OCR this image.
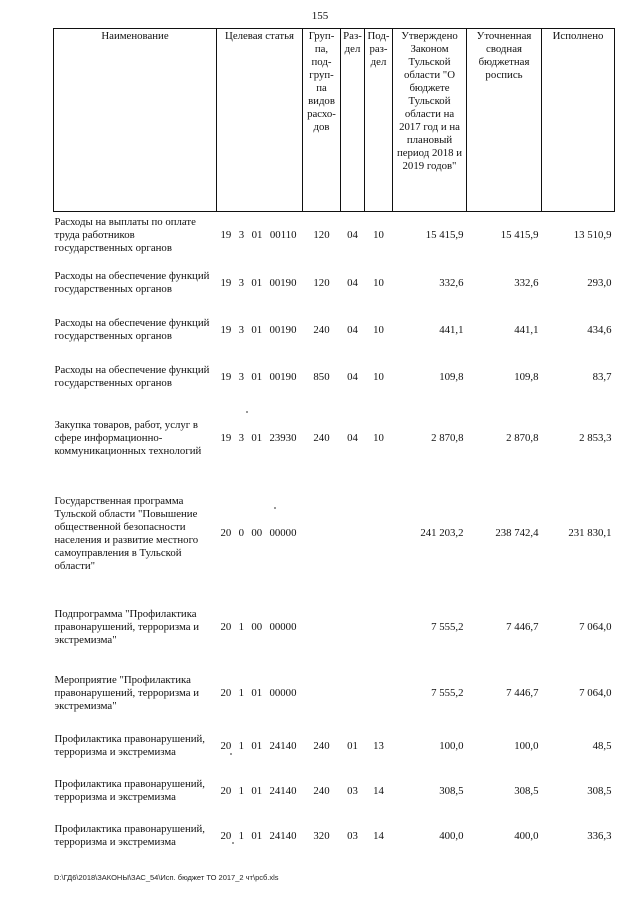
155
Наименование	Целевая статья	Груп-па, под-груп-па видов расхо-дов	Раз-дел	Под-раз-дел	Утверждено Законом Тульской области "О бюджете Тульской области на 2017 год и на плановый период 2018 и 2019 годов"	Уточненная сводная бюджетная роспись	Исполнено
Расходы на выплаты по оплате труда работников государственных органов	19 3 01 00110	120	04	10	15 415,9	15 415,9	13 510,9
Расходы на обеспечение функций государственных органов	19 3 01 00190	120	04	10	332,6	332,6	293,0
Расходы на обеспечение функций государственных органов	19 3 01 00190	240	04	10	441,1	441,1	434,6
Расходы на обеспечение функций государственных органов	19 3 01 00190	850	04	10	109,8	109,8	83,7
Закупка товаров, работ, услуг в сфере информационно-коммуникационных технологий	19 3 01 23930	240	04	10	2 870,8	2 870,8	2 853,3
Государственная программа Тульской области "Повышение общественной безопасности населения и развитие местного самоуправления в Тульской области"	20 0 00 00000				241 203,2	238 742,4	231 830,1
Подпрограмма "Профилактика правонарушений, терроризма и экстремизма"	20 1 00 00000				7 555,2	7 446,7	7 064,0
Мероприятие "Профилактика правонарушений, терроризма и экстремизма"	20 1 01 00000				7 555,2	7 446,7	7 064,0
Профилактика правонарушений, терроризма и экстремизма	20 1 01 24140	240	01	13	100,0	100,0	48,5
Профилактика правонарушений, терроризма и экстремизма	20 1 01 24140	240	03	14	308,5	308,5	308,5
Профилактика правонарушений, терроризма и экстремизма	20 1 01 24140	320	03	14	400,0	400,0	336,3
D:\ГД6\2018\ЗАКОНЫ\ЗАС_54\Исп. бюджет ТО 2017_2 чт\рсб.xls
